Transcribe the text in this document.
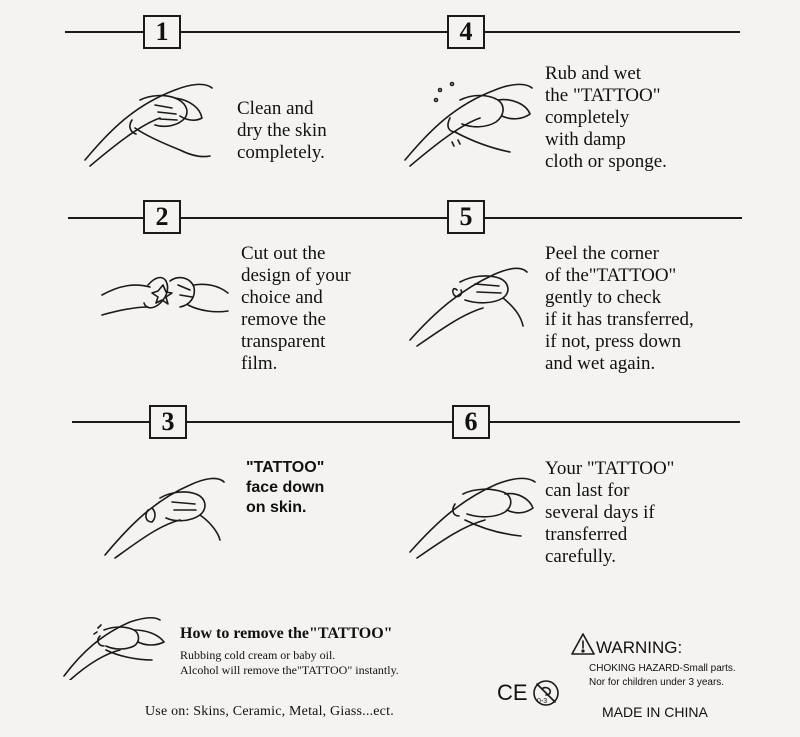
1
2
3
4
5
6
Clean and
dry the skin
completely.
Cut out the
design of your
choice and
remove the
transparent
film.
"TATTOO"
face down
on skin.
Rub and wet
the "TATTOO"
completely
with damp
cloth or sponge.
Peel the corner
of the"TATTOO"
gently to check
if it has transferred,
if not, press down
and wet again.
Your "TATTOO"
can last for
several days if
transferred
carefully.
How to remove the"TATTOO"
Rubbing cold cream or baby oil.
Alcohol will remove the"TATTOO" instantly.
Use on: Skins, Ceramic, Metal, Giass...ect.
CE 0-3
WARNING:
CHOKING HAZARD-Small parts.
Nor for children under 3 years.
MADE IN CHINA
